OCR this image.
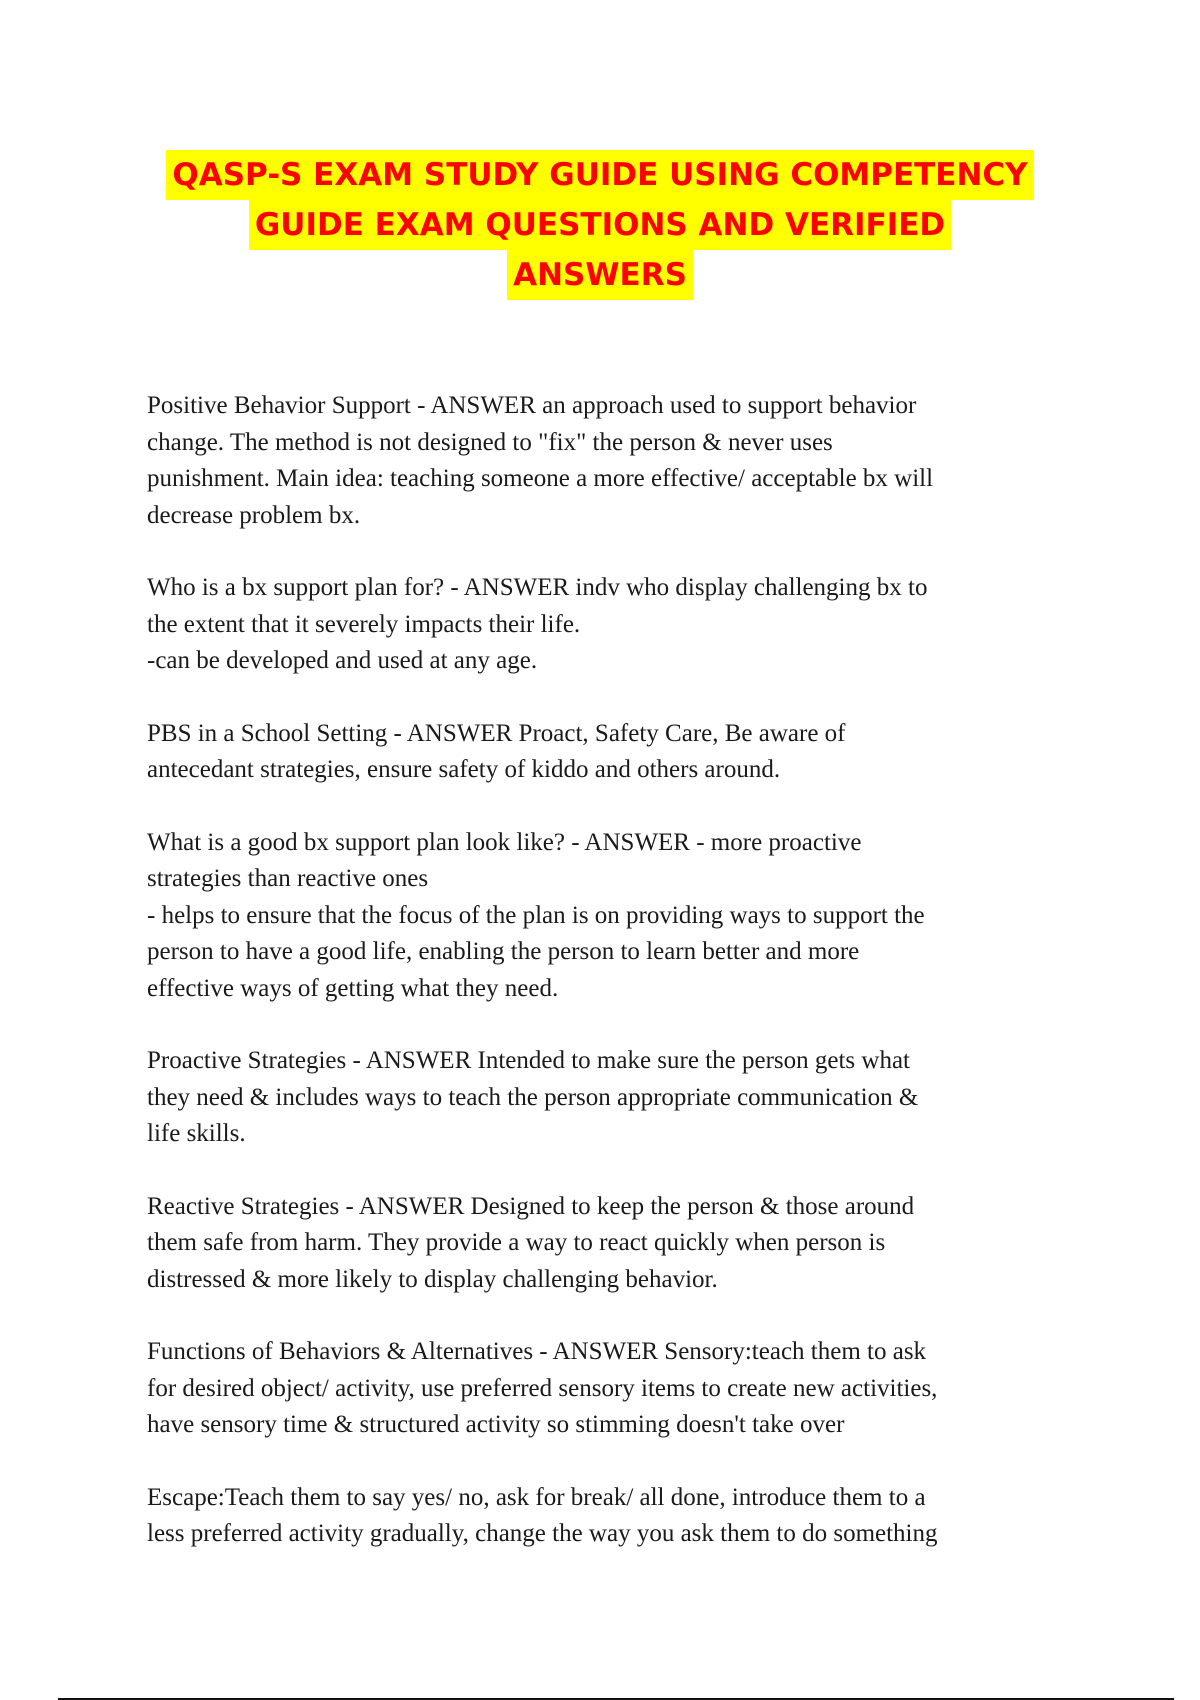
QASP-S EXAM STUDY GUIDE USING COMPETENCY
GUIDE EXAM QUESTIONS AND VERIFIED
ANSWERS
Positive Behavior Support - ANSWER an approach used to support behavior
change. The method is not designed to "fix" the person & never uses
punishment. Main idea: teaching someone a more effective/ acceptable bx will
decrease problem bx.
Who is a bx support plan for? - ANSWER indv who display challenging bx to
the extent that it severely impacts their life.
-can be developed and used at any age.
PBS in a School Setting - ANSWER Proact, Safety Care, Be aware of
antecedant strategies, ensure safety of kiddo and others around.
What is a good bx support plan look like? - ANSWER - more proactive
strategies than reactive ones
- helps to ensure that the focus of the plan is on providing ways to support the
person to have a good life, enabling the person to learn better and more
effective ways of getting what they need.
Proactive Strategies - ANSWER Intended to make sure the person gets what
they need & includes ways to teach the person appropriate communication &
life skills.
Reactive Strategies - ANSWER Designed to keep the person & those around
them safe from harm. They provide a way to react quickly when person is
distressed & more likely to display challenging behavior.
Functions of Behaviors & Alternatives - ANSWER Sensory:teach them to ask
for desired object/ activity, use preferred sensory items to create new activities,
have sensory time & structured activity so stimming doesn't take over
Escape:Teach them to say yes/ no, ask for break/ all done, introduce them to a
less preferred activity gradually, change the way you ask them to do something
